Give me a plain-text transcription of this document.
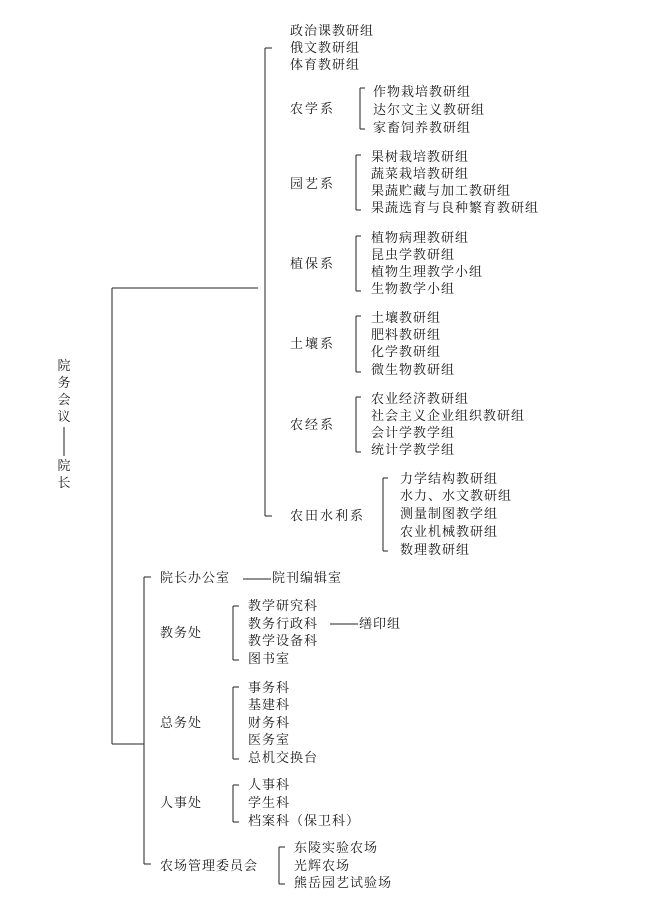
院
务
会
议
院
长
政治课教研组
俄文教研组
体育教研组
农学系
作物栽培教研组
达尔文主义教研组
家畜饲养教研组
园艺系
果树栽培教研组
蔬菜栽培教研组
果蔬贮藏与加工教研组
果蔬选育与良种繁育教研组
植保系
植物病理教研组
昆虫学教研组
植物生理教学小组
生物教学小组
土壤系
土壤教研组
肥料教研组
化学教研组
微生物教研组
农经系
农业经济教研组
社会主义企业组织教研组
会计学教学组
统计学教学组
农田水利系
力学结构教研组
水力、水文教研组
测量制图教学组
农业机械教研组
数理教研组
院长办公室	院刊编辑室
教务处
教学研究科
教务行政科
教学设备科
图书室
缮印组
总务处
事务科
基建科
财务科
医务室
总机交换台
人事处
人事科
学生科
档案科（保卫科）
农场管理委员会
东陵实验农场
光辉农场
熊岳园艺试验场
